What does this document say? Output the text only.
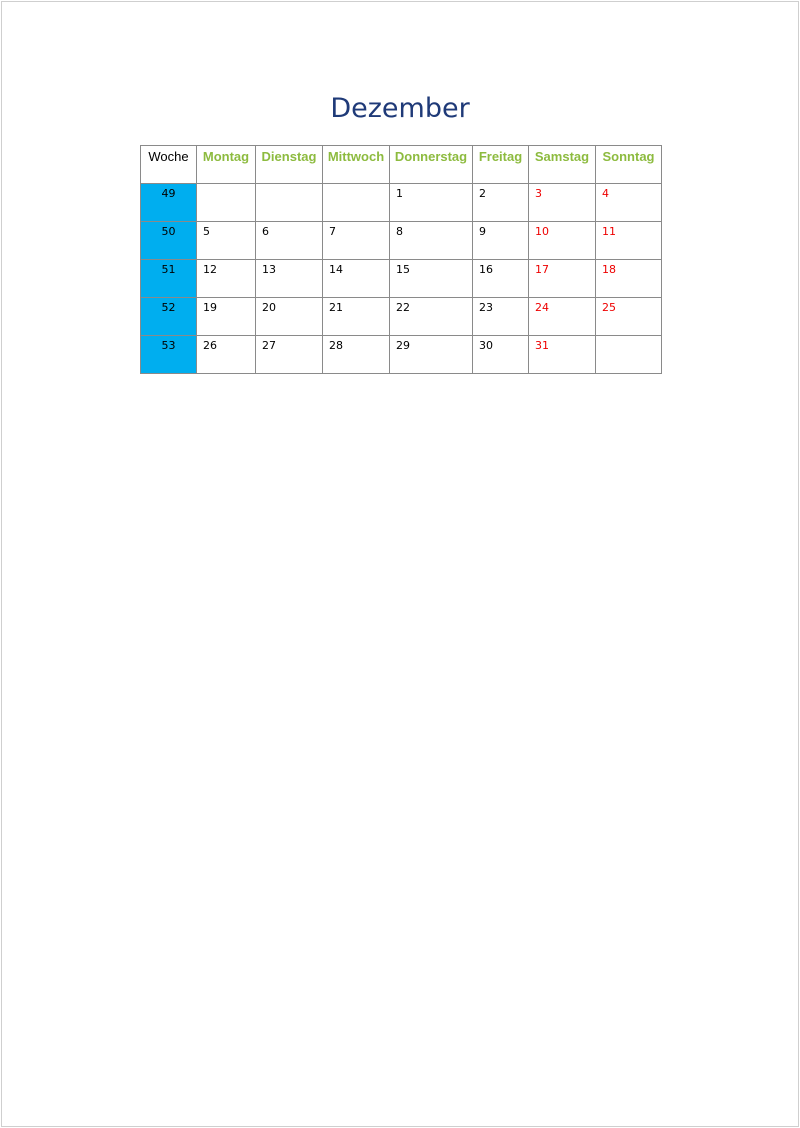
Dezember
Woche	Montag	Dienstag	Mittwoch	Donnerstag	Freitag	Samstag	Sonntag
49				1	2	3	4
50	5	6	7	8	9	10	11
51	12	13	14	15	16	17	18
52	19	20	21	22	23	24	25
53	26	27	28	29	30	31	
